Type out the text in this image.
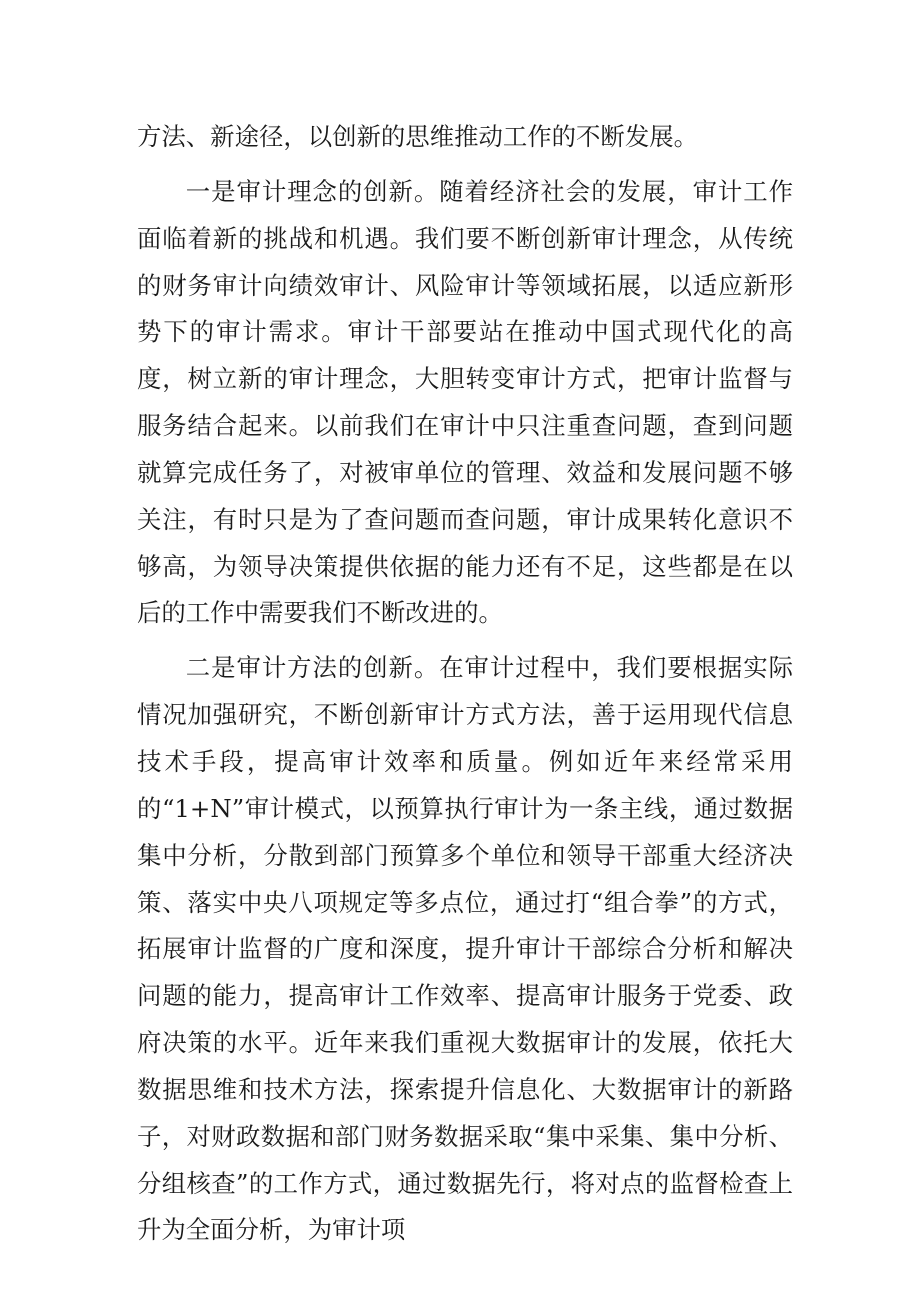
方法、新途径，以创新的思维推动工作的不断发展。

一是审计理念的创新。随着经济社会的发展，审计工作面临着新的挑战和机遇。我们要不断创新审计理念，从传统的财务审计向绩效审计、风险审计等领域拓展，以适应新形势下的审计需求。审计干部要站在推动中国式现代化的高度，树立新的审计理念，大胆转变审计方式，把审计监督与服务结合起来。以前我们在审计中只注重查问题，查到问题就算完成任务了，对被审单位的管理、效益和发展问题不够关注，有时只是为了查问题而查问题，审计成果转化意识不够高，为领导决策提供依据的能力还有不足，这些都是在以后的工作中需要我们不断改进的。

二是审计方法的创新。在审计过程中，我们要根据实际情况加强研究，不断创新审计方式方法，善于运用现代信息技术手段，提高审计效率和质量。例如近年来经常采用的“1+N”审计模式，以预算执行审计为一条主线，通过数据集中分析，分散到部门预算多个单位和领导干部重大经济决策、落实中央八项规定等多点位，通过打“组合拳”的方式，拓展审计监督的广度和深度，提升审计干部综合分析和解决问题的能力，提高审计工作效率、提高审计服务于党委、政府决策的水平。近年来我们重视大数据审计的发展，依托大数据思维和技术方法，探索提升信息化、大数据审计的新路子，对财政数据和部门财务数据采取“集中采集、集中分析、分组核查”的工作方式，通过数据先行，将对点的监督检查上升为全面分析，为审计项
